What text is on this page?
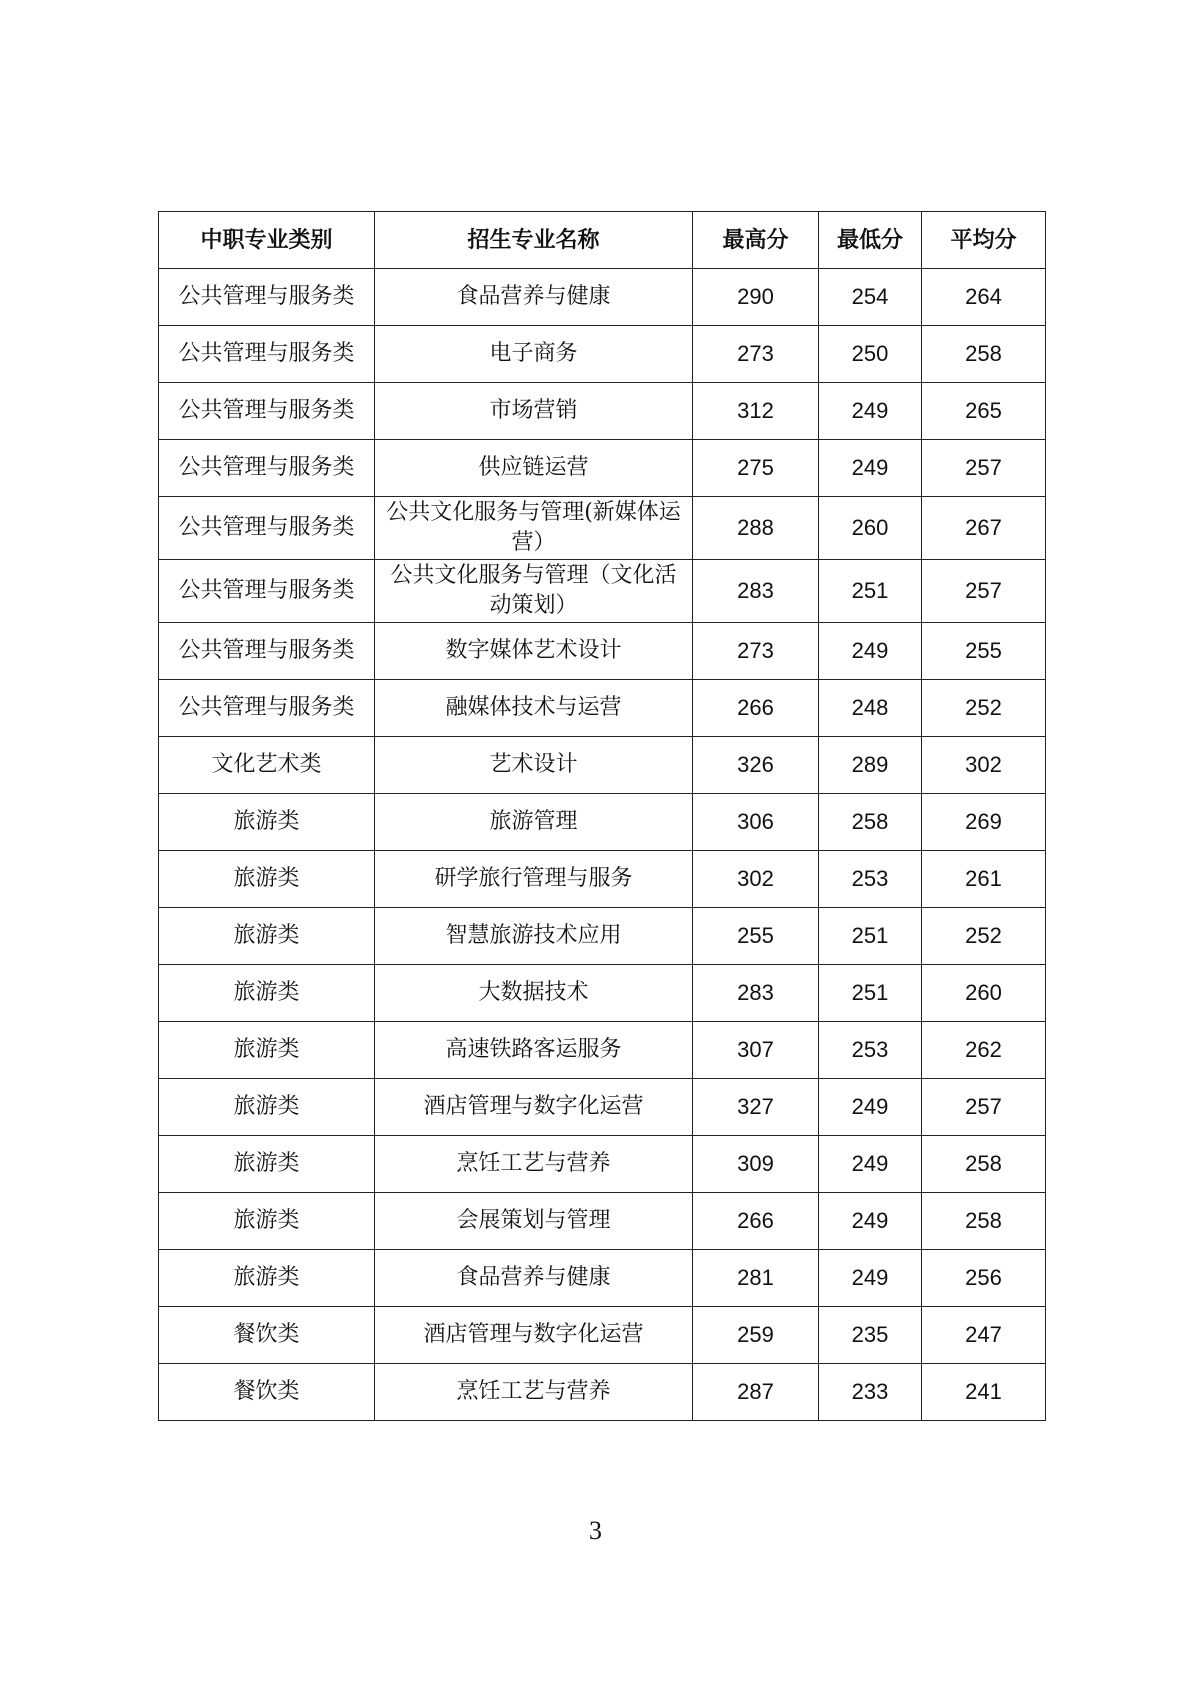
中职专业类别	招生专业名称	最高分	最低分	平均分
公共管理与服务类	食品营养与健康	290	254	264
公共管理与服务类	电子商务	273	250	258
公共管理与服务类	市场营销	312	249	265
公共管理与服务类	供应链运营	275	249	257
公共管理与服务类	公共文化服务与管理(新媒体运营）	288	260	267
公共管理与服务类	公共文化服务与管理（文化活动策划）	283	251	257
公共管理与服务类	数字媒体艺术设计	273	249	255
公共管理与服务类	融媒体技术与运营	266	248	252
文化艺术类	艺术设计	326	289	302
旅游类	旅游管理	306	258	269
旅游类	研学旅行管理与服务	302	253	261
旅游类	智慧旅游技术应用	255	251	252
旅游类	大数据技术	283	251	260
旅游类	高速铁路客运服务	307	253	262
旅游类	酒店管理与数字化运营	327	249	257
旅游类	烹饪工艺与营养	309	249	258
旅游类	会展策划与管理	266	249	258
旅游类	食品营养与健康	281	249	256
餐饮类	酒店管理与数字化运营	259	235	247
餐饮类	烹饪工艺与营养	287	233	241
3
